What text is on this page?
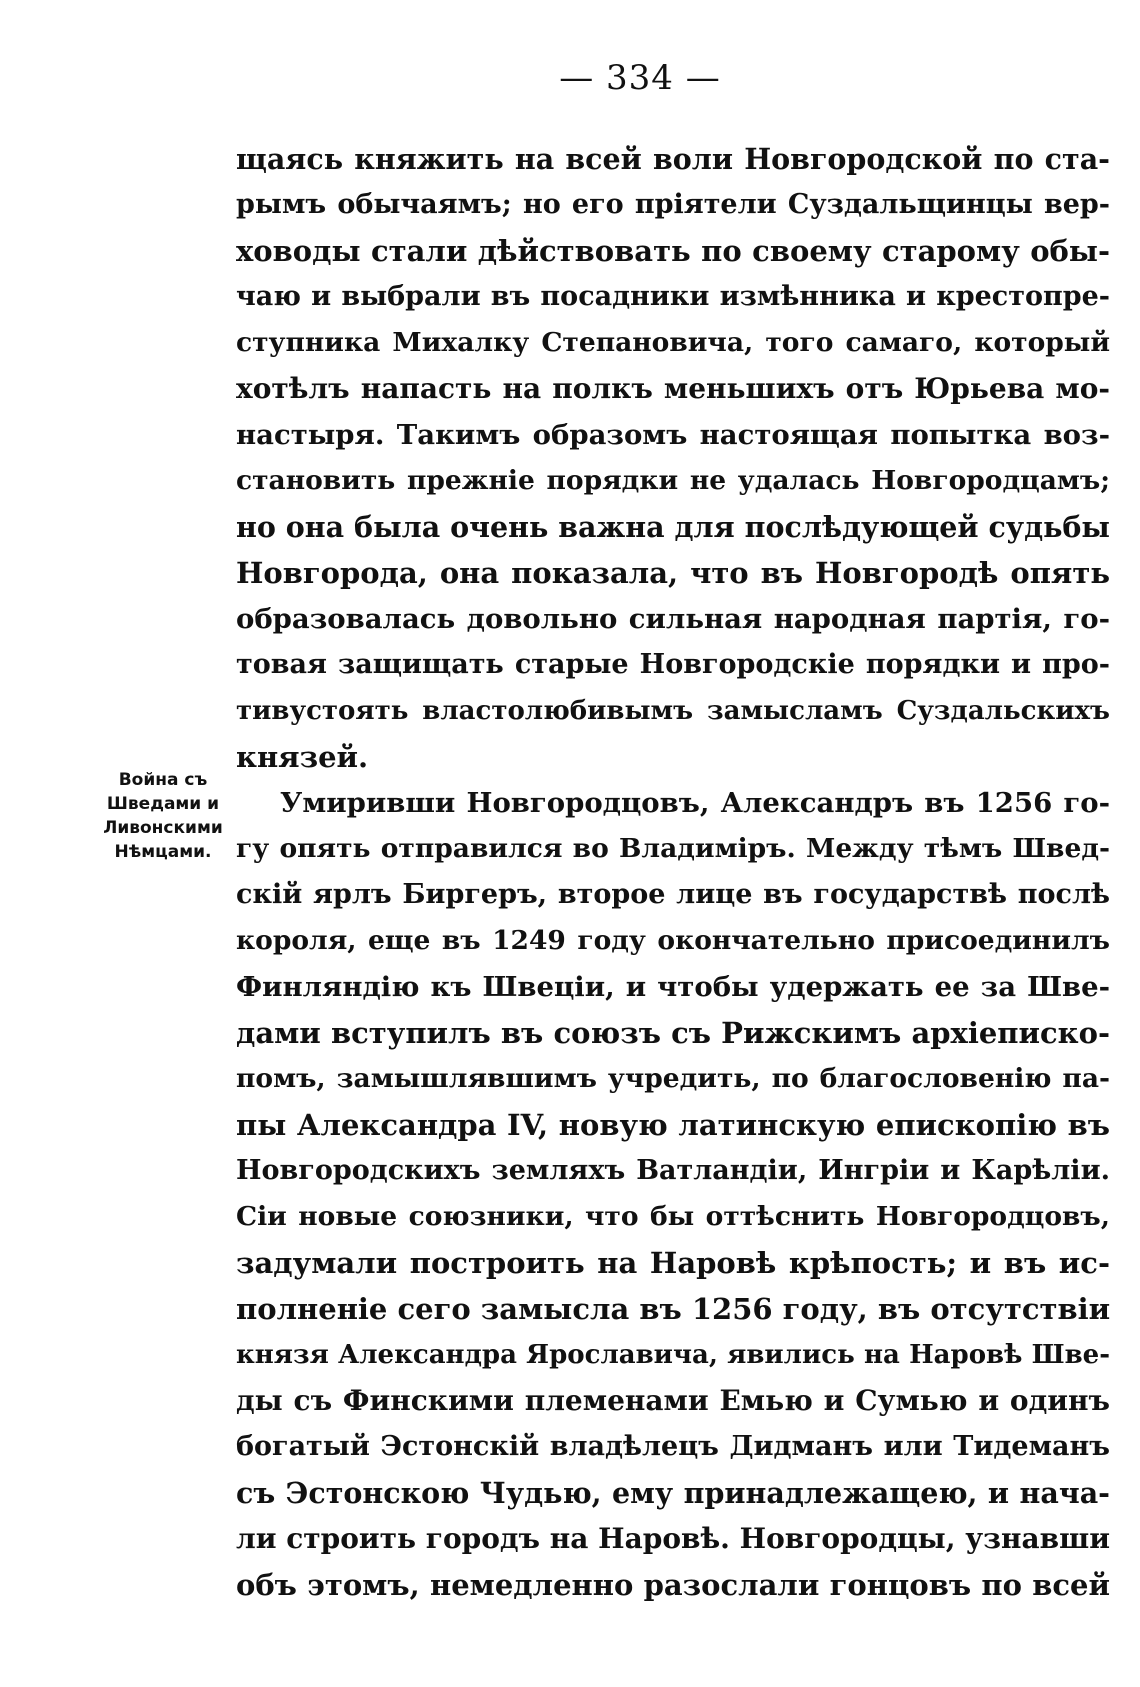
— 334 —
Война съ
Шведами и
Ливонскими
Нѣмцами.
щаясь княжить на всей воли Новгородской по ста-
рымъ обычаямъ; но его прiятели Суздальщинцы вер-
ховоды стали дѣйствовать по своему старому обы-
чаю и выбрали въ посадники измѣнника и крестопре-
ступника Михалку Степановича, того самаго, который
хотѣлъ напасть на полкъ меньшихъ отъ Юрьева мо-
настыря. Такимъ образомъ настоящая попытка воз-
становить прежнiе порядки не удалась Новгородцамъ;
но она была очень важна для послѣдующей судьбы
Новгорода, она показала, что въ Новгородѣ опять
образовалась довольно сильная народная партiя, го-
товая защищать старые Новгородскiе порядки и про-
тивустоять властолюбивымъ замысламъ Суздальскихъ
князей.
Умиривши Новгородцовъ, Александръ въ 1256 го-
гу опять отправился во Владимiръ. Между тѣмъ Швед-
скiй ярлъ Биргеръ, второе лице въ государствѣ послѣ
короля, еще въ 1249 году окончательно присоединилъ
Финляндiю къ Швецiи, и чтобы удержать ее за Шве-
дами вступилъ въ союзъ съ Рижскимъ архiеписко-
помъ, замышлявшимъ учредить, по благословенiю па-
пы Александра IV, новую латинскую епископiю въ
Новгородскихъ земляхъ Ватландiи, Ингрiи и Карѣлiи.
Сiи новые союзники, что бы оттѣснить Новгородцовъ,
задумали построить на Наровѣ крѣпость; и въ ис-
полненiе сего замысла въ 1256 году, въ отсутствiи
князя Александра Ярославича, явились на Наровѣ Шве-
ды съ Финскими племенами Емью и Сумью и одинъ
богатый Эстонскiй владѣлецъ Дидманъ или Тидеманъ
съ Эстонскою Чудью, ему принадлежащею, и нача-
ли строить городъ на Наровѣ. Новгородцы, узнавши
объ этомъ, немедленно разослали гонцовъ по всей
